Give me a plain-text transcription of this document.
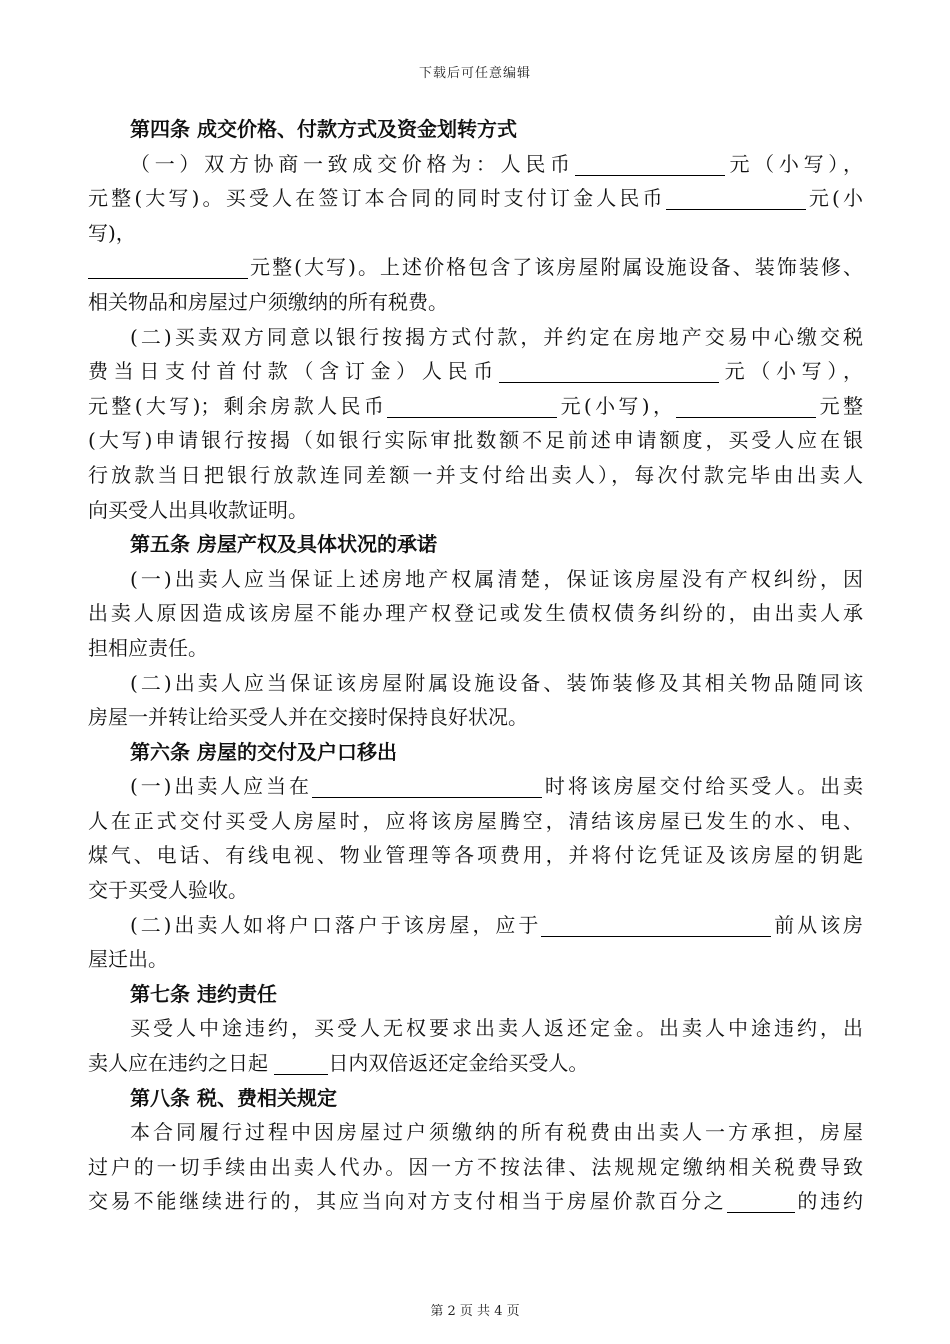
下载后可任意编辑
第四条 成交价格、付款方式及资金划转方式
（一）双方协商一致成交价格为：人民币	元（小写），
元整(大写)。买受人在签订本合同的同时支付订金人民币	元(小
写)，
元整(大写)。上述价格包含了该房屋附属设施设备、装饰装修、
相关物品和房屋过户须缴纳的所有税费。
(二)买卖双方同意以银行按揭方式付款，并约定在房地产交易中心缴交税
费当日支付首付款（含订金）人民币	元（小写），
元整(大写)；剩余房款人民币	元(小写)，	元整
(大写)申请银行按揭（如银行实际审批数额不足前述申请额度，买受人应在银
行放款当日把银行放款连同差额一并支付给出卖人），每次付款完毕由出卖人
向买受人出具收款证明。
第五条 房屋产权及具体状况的承诺
(一)出卖人应当保证上述房地产权属清楚，保证该房屋没有产权纠纷，因
出卖人原因造成该房屋不能办理产权登记或发生债权债务纠纷的，由出卖人承
担相应责任。
(二)出卖人应当保证该房屋附属设施设备、装饰装修及其相关物品随同该
房屋一并转让给买受人并在交接时保持良好状况。
第六条 房屋的交付及户口移出
(一)出卖人应当在	时将该房屋交付给买受人。出卖
人在正式交付买受人房屋时，应将该房屋腾空，清结该房屋已发生的水、电、
煤气、电话、有线电视、物业管理等各项费用，并将付讫凭证及该房屋的钥匙
交于买受人验收。
(二)出卖人如将户口落户于该房屋，应于	前从该房
屋迁出。
第七条 违约责任
买受人中途违约，买受人无权要求出卖人返还定金。出卖人中途违约，出
卖人应在违约之日起	日内双倍返还定金给买受人。
第八条 税、费相关规定
本合同履行过程中因房屋过户须缴纳的所有税费由出卖人一方承担，房屋
过户的一切手续由出卖人代办。因一方不按法律、法规规定缴纳相关税费导致
交易不能继续进行的，其应当向对方支付相当于房屋价款百分之	的违约
第 2 页 共 4 页
